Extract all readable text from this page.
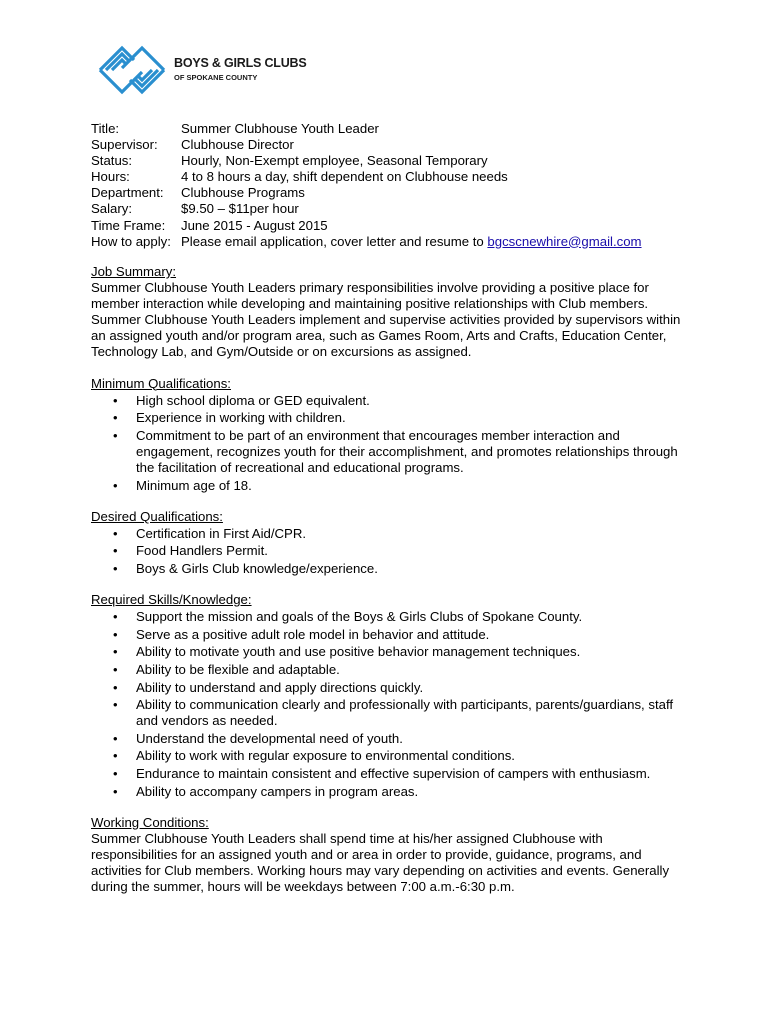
BOYS & GIRLS CLUBS
OF SPOKANE COUNTY
Title:	Summer Clubhouse Youth Leader
Supervisor:	Clubhouse Director
Status:	Hourly, Non-Exempt employee, Seasonal Temporary
Hours:	4 to 8 hours a day, shift dependent on Clubhouse needs
Department:	Clubhouse Programs
Salary:	$9.50 – $11per hour
Time Frame:	June 2015 - August 2015
How to apply: Please email application, cover letter and resume to bgcscnewhire@gmail.com

Job Summary:

Summer Clubhouse Youth Leaders primary responsibilities involve providing a positive place for member interaction while developing and maintaining positive relationships with Club members. Summer Clubhouse Youth Leaders implement and supervise activities provided by supervisors within an assigned youth and/or program area, such as Games Room, Arts and Crafts, Education Center, Technology Lab, and Gym/Outside or on excursions as assigned.

Minimum Qualifications:

• High school diploma or GED equivalent.
• Experience in working with children.
• Commitment to be part of an environment that encourages member interaction and engagement, recognizes youth for their accomplishment, and promotes relationships through the facilitation of recreational and educational programs.
• Minimum age of 18.

Desired Qualifications:

• Certification in First Aid/CPR.
• Food Handlers Permit.
• Boys & Girls Club knowledge/experience.

Required Skills/Knowledge:

• Support the mission and goals of the Boys & Girls Clubs of Spokane County.
• Serve as a positive adult role model in behavior and attitude.
• Ability to motivate youth and use positive behavior management techniques.
• Ability to be flexible and adaptable.
• Ability to understand and apply directions quickly.
• Ability to communication clearly and professionally with participants, parents/guardians, staff and vendors as needed.
• Understand the developmental need of youth.
• Ability to work with regular exposure to environmental conditions.
• Endurance to maintain consistent and effective supervision of campers with enthusiasm.
• Ability to accompany campers in program areas.

Working Conditions:

Summer Clubhouse Youth Leaders shall spend time at his/her assigned Clubhouse with responsibilities for an assigned youth and or area in order to provide, guidance, programs, and activities for Club members. Working hours may vary depending on activities and events. Generally during the summer, hours will be weekdays between 7:00 a.m.-6:30 p.m.
